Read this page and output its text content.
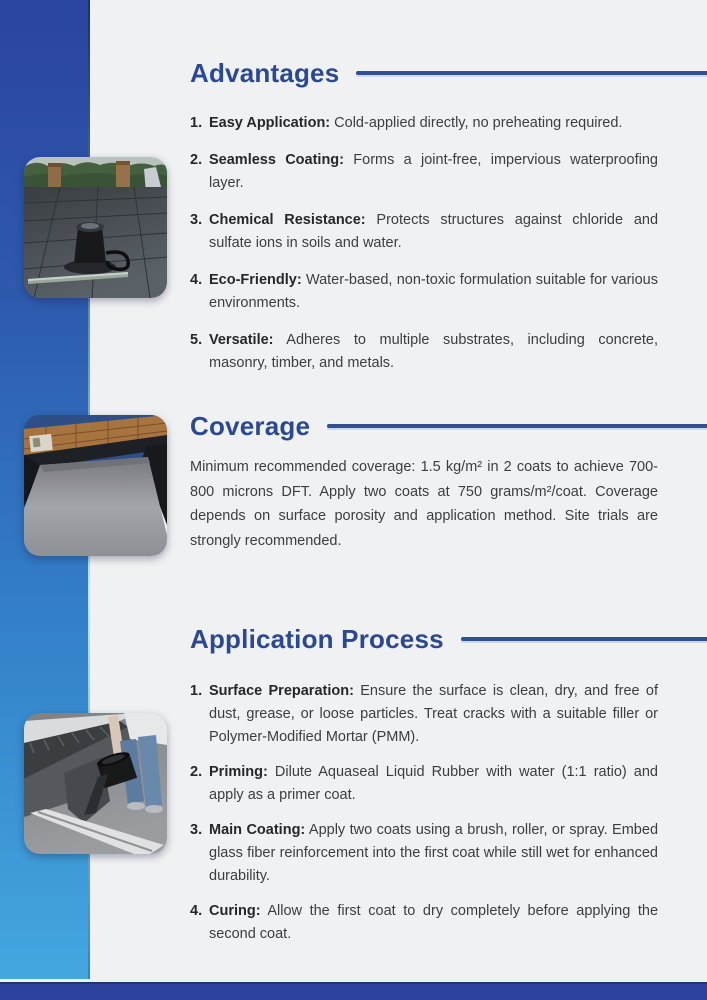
Advantages
1. Easy Application: Cold-applied directly, no preheating required.
2. Seamless Coating: Forms a joint-free, impervious waterproofing layer.
3. Chemical Resistance: Protects structures against chloride and sulfate ions in soils and water.
4. Eco-Friendly: Water-based, non-toxic formulation suitable for various environments.
5. Versatile: Adheres to multiple substrates, including concrete, masonry, timber, and metals.
Coverage
Minimum recommended coverage: 1.5 kg/m² in 2 coats to achieve 700-800 microns DFT. Apply two coats at 750 grams/m²/coat. Coverage depends on surface porosity and application method. Site trials are strongly recommended.
Application Process
1. Surface Preparation: Ensure the surface is clean, dry, and free of dust, grease, or loose particles. Treat cracks with a suitable filler or Polymer-Modified Mortar (PMM).
2. Priming: Dilute Aquaseal Liquid Rubber with water (1:1 ratio) and apply as a primer coat.
3. Main Coating: Apply two coats using a brush, roller, or spray. Embed glass fiber reinforcement into the first coat while still wet for enhanced durability.
4. Curing: Allow the first coat to dry completely before applying the second coat.
